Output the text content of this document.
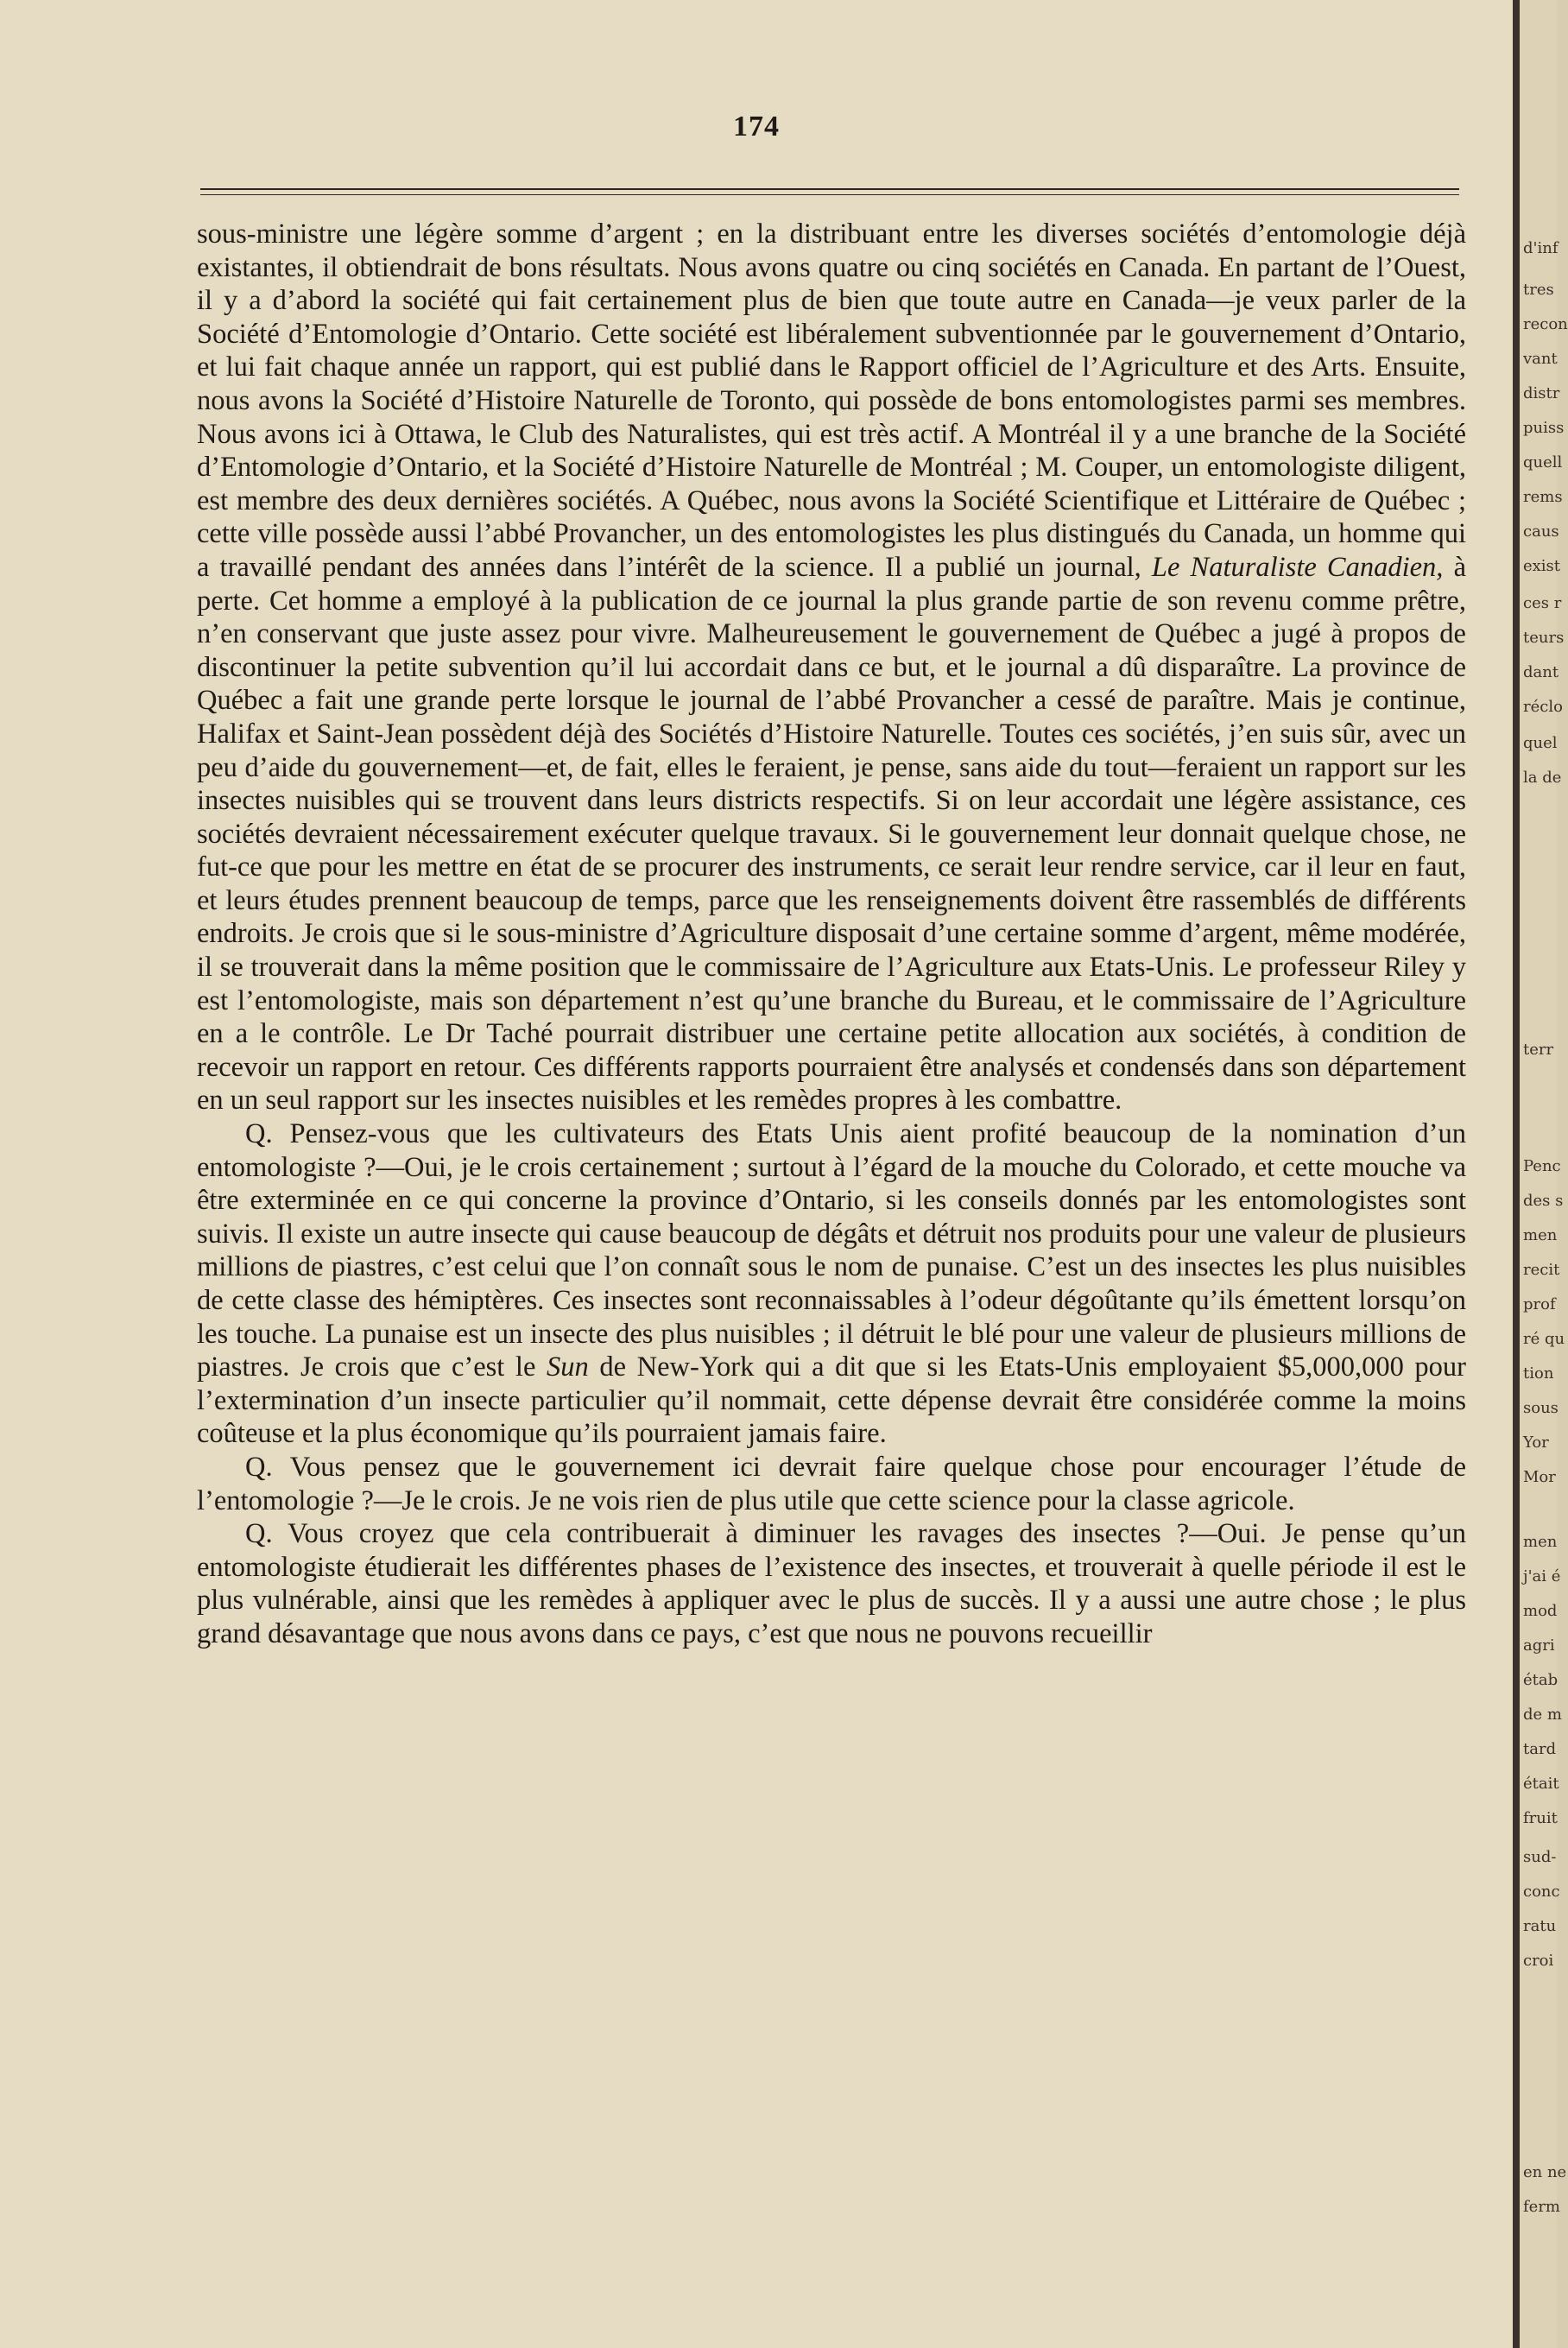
174

sous-ministre une légère somme d’argent ; en la distribuant entre les diverses sociétés d’entomologie déjà existantes, il obtiendrait de bons résultats. Nous avons quatre ou cinq sociétés en Canada. En partant de l’Ouest, il y a d’abord la société qui fait certainement plus de bien que toute autre en Canada—je veux parler de la Société d’Entomologie d’Ontario. Cette société est libéralement subventionnée par le gouvernement d’Ontario, et lui fait chaque année un rapport, qui est publié dans le Rapport officiel de l’Agriculture et des Arts. Ensuite, nous avons la Société d’Histoire Naturelle de Toronto, qui possède de bons entomologistes parmi ses membres. Nous avons ici à Ottawa, le Club des Naturalistes, qui est très actif. A Montréal il y a une branche de la Société d’Entomologie d’Ontario, et la Société d’Histoire Naturelle de Montréal ; M. Couper, un entomologiste diligent, est membre des deux dernières sociétés. A Québec, nous avons la Société Scientifique et Littéraire de Québec ; cette ville possède aussi l’abbé Provancher, un des entomologistes les plus distingués du Canada, un homme qui a travaillé pendant des années dans l’intérêt de la science. Il a publié un journal, Le Naturaliste Canadien, à perte. Cet homme a employé à la publication de ce journal la plus grande partie de son revenu comme prêtre, n’en conservant que juste assez pour vivre. Malheureusement le gouvernement de Québec a jugé à propos de discontinuer la petite subvention qu’il lui accordait dans ce but, et le journal a dû disparaître. La province de Québec a fait une grande perte lorsque le journal de l’abbé Provancher a cessé de paraître. Mais je continue, Halifax et Saint-Jean possèdent déjà des Sociétés d’Histoire Naturelle. Toutes ces sociétés, j’en suis sûr, avec un peu d’aide du gouvernement—et, de fait, elles le feraient, je pense, sans aide du tout—feraient un rapport sur les insectes nuisibles qui se trouvent dans leurs districts respectifs. Si on leur accordait une légère assistance, ces sociétés devraient nécessairement exécuter quelque travaux. Si le gouvernement leur donnait quelque chose, ne fut-ce que pour les mettre en état de se procurer des instruments, ce serait leur rendre service, car il leur en faut, et leurs études prennent beaucoup de temps, parce que les renseignements doivent être rassemblés de différents endroits. Je crois que si le sous-ministre d’Agriculture disposait d’une certaine somme d’argent, même modérée, il se trouverait dans la même position que le commissaire de l’Agriculture aux Etats-Unis. Le professeur Riley y est l’entomologiste, mais son département n’est qu’une branche du Bureau, et le commissaire de l’Agriculture en a le contrôle. Le Dr Taché pourrait distribuer une certaine petite allocation aux sociétés, à condition de recevoir un rapport en retour. Ces différents rapports pourraient être analysés et condensés dans son département en un seul rapport sur les insectes nuisibles et les remèdes propres à les combattre.

Q. Pensez-vous que les cultivateurs des Etats Unis aient profité beaucoup de la nomination d’un entomologiste ?—Oui, je le crois certainement ; surtout à l’égard de la mouche du Colorado, et cette mouche va être exterminée en ce qui concerne la province d’Ontario, si les conseils donnés par les entomologistes sont suivis. Il existe un autre insecte qui cause beaucoup de dégâts et détruit nos produits pour une valeur de plusieurs millions de piastres, c’est celui que l’on connaît sous le nom de punaise. C’est un des insectes les plus nuisibles de cette classe des hémiptères. Ces insectes sont reconnaissables à l’odeur dégoûtante qu’ils émettent lorsqu’on les touche. La punaise est un insecte des plus nuisibles ; il détruit le blé pour une valeur de plusieurs millions de piastres. Je crois que c’est le Sun de New-York qui a dit que si les Etats-Unis employaient $5,000,000 pour l’extermination d’un insecte particulier qu’il nommait, cette dépense devrait être considérée comme la moins coûteuse et la plus économique qu’ils pourraient jamais faire.

Q. Vous pensez que le gouvernement ici devrait faire quelque chose pour encourager l’étude de l’entomologie ?—Je le crois. Je ne vois rien de plus utile que cette science pour la classe agricole.

Q. Vous croyez que cela contribuerait à diminuer les ravages des insectes ?—Oui. Je pense qu’un entomologiste étudierait les différentes phases de l’existence des insectes, et trouverait à quelle période il est le plus vulnérable, ainsi que les remèdes à appliquer avec le plus de succès. Il y a aussi une autre chose ; le plus grand désavantage que nous avons dans ce pays, c’est que nous ne pouvons recueillir

d'inf
tres
recon
vant
distr
puiss
quell
rems
caus
exist
ces r
teurs
dant
réclo
quel
la de
terr
Penc
des s
men
recit
prof
ré qu
tion
sous
Yor
Mor
men
j'ai é
mod
agri
étab
de m
tard
était
fruit
sud-
conc
ratu
croi
en ne
ferm
